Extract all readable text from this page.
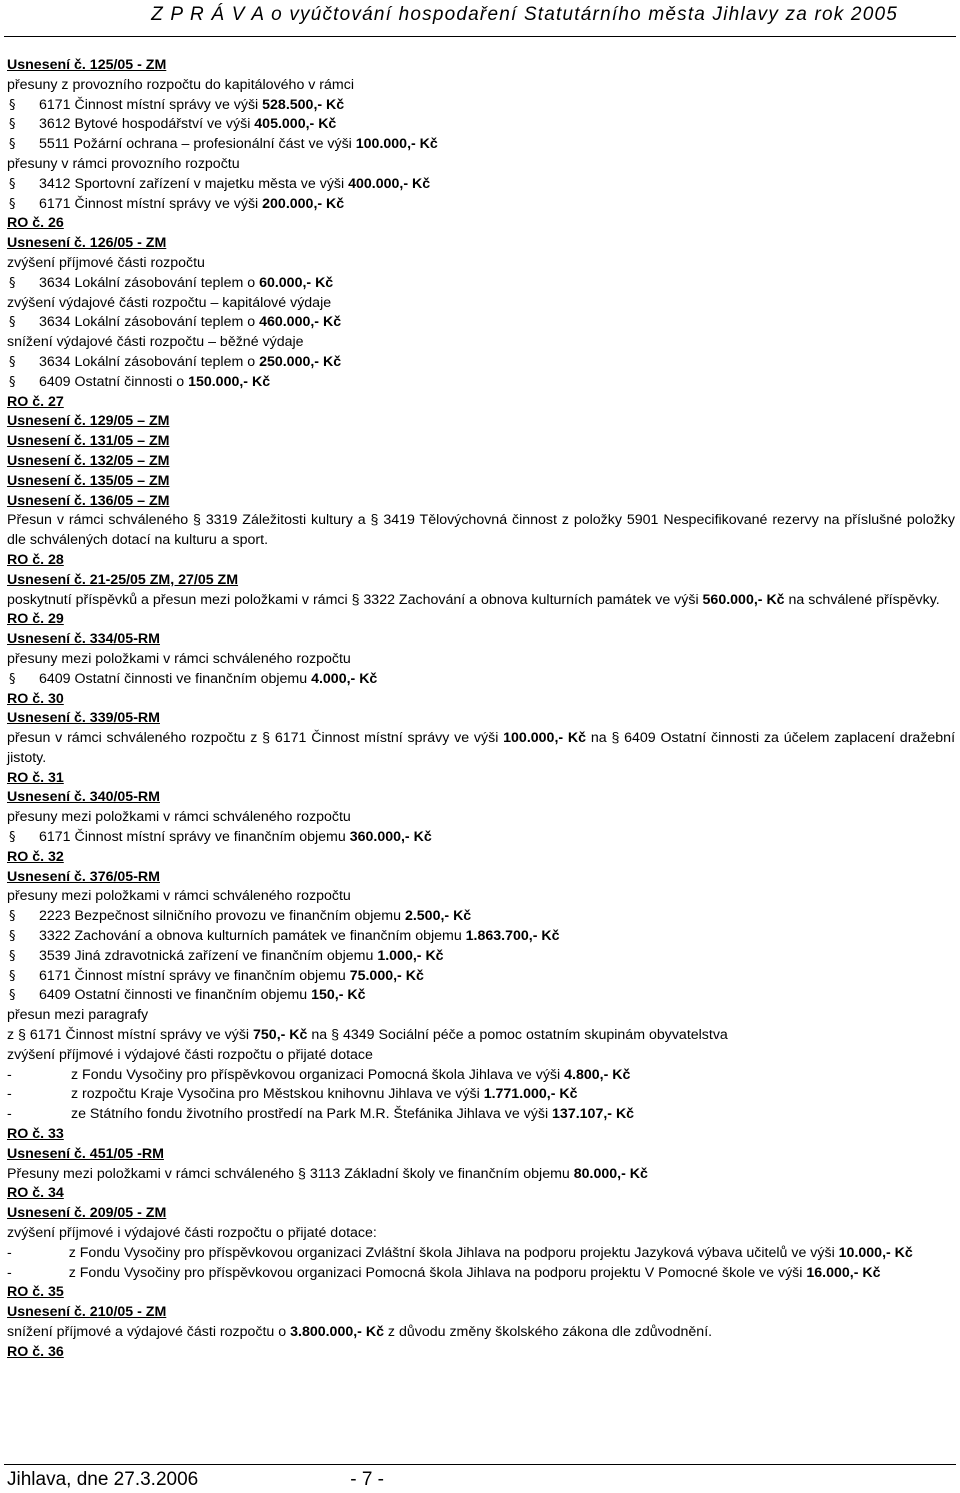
Z P R Á V A o vyúčtování hospodaření Statutárního města Jihlavy za rok 2005
Usnesení č. 125/05 - ZM
přesuny z provozního rozpočtu do kapitálového v rámci
§ 6171 Činnost místní správy ve výši 528.500,- Kč
§ 3612 Bytové hospodářství ve výši 405.000,- Kč
§ 5511 Požární ochrana – profesionální část ve výši 100.000,- Kč
přesuny v rámci provozního rozpočtu
§ 3412 Sportovní zařízení v majetku města ve výši 400.000,- Kč
§ 6171 Činnost místní správy ve výši 200.000,- Kč
RO č. 26
Usnesení č. 126/05 - ZM
zvýšení příjmové části rozpočtu
§ 3634 Lokální zásobování teplem o 60.000,- Kč
zvýšení výdajové části rozpočtu – kapitálové výdaje
§ 3634 Lokální zásobování teplem o 460.000,- Kč
snížení výdajové části rozpočtu – běžné výdaje
§ 3634 Lokální zásobování teplem o 250.000,- Kč
§ 6409 Ostatní činnosti o 150.000,- Kč
RO č. 27
Usnesení č. 129/05 – ZM
Usnesení č. 131/05 – ZM
Usnesení č. 132/05 – ZM
Usnesení č. 135/05 – ZM
Usnesení č. 136/05 – ZM
Přesun v rámci schváleného § 3319 Záležitosti kultury a § 3419 Tělovýchovná činnost z položky 5901 Nespecifikované rezervy na příslušné položky dle schválených dotací na kulturu a sport.
RO č. 28
Usnesení č. 21-25/05 ZM, 27/05 ZM
poskytnutí příspěvků a přesun mezi položkami v rámci § 3322 Zachování a obnova kulturních památek ve výši 560.000,- Kč na schválené příspěvky.
RO č. 29
Usnesení č. 334/05-RM
přesuny mezi položkami v rámci schváleného rozpočtu
§ 6409 Ostatní činnosti ve finančním objemu 4.000,- Kč
RO č. 30
Usnesení č. 339/05-RM
přesun v rámci schváleného rozpočtu z § 6171 Činnost místní správy ve výši 100.000,- Kč na § 6409 Ostatní činnosti za účelem zaplacení dražební jistoty.
RO č. 31
Usnesení č. 340/05-RM
přesuny mezi položkami v rámci schváleného rozpočtu
§ 6171 Činnost místní správy ve finančním objemu 360.000,- Kč
RO č. 32
Usnesení č. 376/05-RM
přesuny mezi položkami v rámci schváleného rozpočtu
§ 2223 Bezpečnost silničního provozu ve finančním objemu 2.500,- Kč
§ 3322 Zachování a obnova kulturních památek ve finančním objemu 1.863.700,- Kč
§ 3539 Jiná zdravotnická zařízení ve finančním objemu 1.000,- Kč
§ 6171 Činnost místní správy ve finančním objemu 75.000,- Kč
§ 6409 Ostatní činnosti ve finančním objemu 150,- Kč
přesun mezi paragrafy
z § 6171 Činnost místní správy ve výši 750,- Kč na § 4349 Sociální péče a pomoc ostatním skupinám obyvatelstva
zvýšení příjmové i výdajové části rozpočtu o přijaté dotace
-	z Fondu Vysočiny pro příspěvkovou organizaci Pomocná škola Jihlava ve výši 4.800,- Kč
-	z rozpočtu Kraje Vysočina pro Městskou knihovnu Jihlava ve výši 1.771.000,- Kč
-	ze Státního fondu životního prostředí na Park M.R. Štefánika Jihlava ve výši 137.107,- Kč
RO č. 33
Usnesení č. 451/05 -RM
Přesuny mezi položkami v rámci schváleného § 3113 Základní školy ve finančním objemu 80.000,- Kč
RO č. 34
Usnesení č. 209/05 - ZM
zvýšení příjmové i výdajové části rozpočtu o přijaté dotace:
-	z Fondu Vysočiny pro příspěvkovou organizaci Zvláštní škola Jihlava na podporu projektu Jazyková výbava učitelů ve výši 10.000,- Kč
-	z Fondu Vysočiny pro příspěvkovou organizaci Pomocná škola Jihlava na podporu projektu V Pomocné škole ve výši 16.000,- Kč
RO č. 35
Usnesení č. 210/05 - ZM
snížení příjmové a výdajové části rozpočtu o 3.800.000,- Kč z důvodu změny školského zákona dle zdůvodnění.
RO č. 36
Jihlava, dne 27.3.2006	- 7 -
